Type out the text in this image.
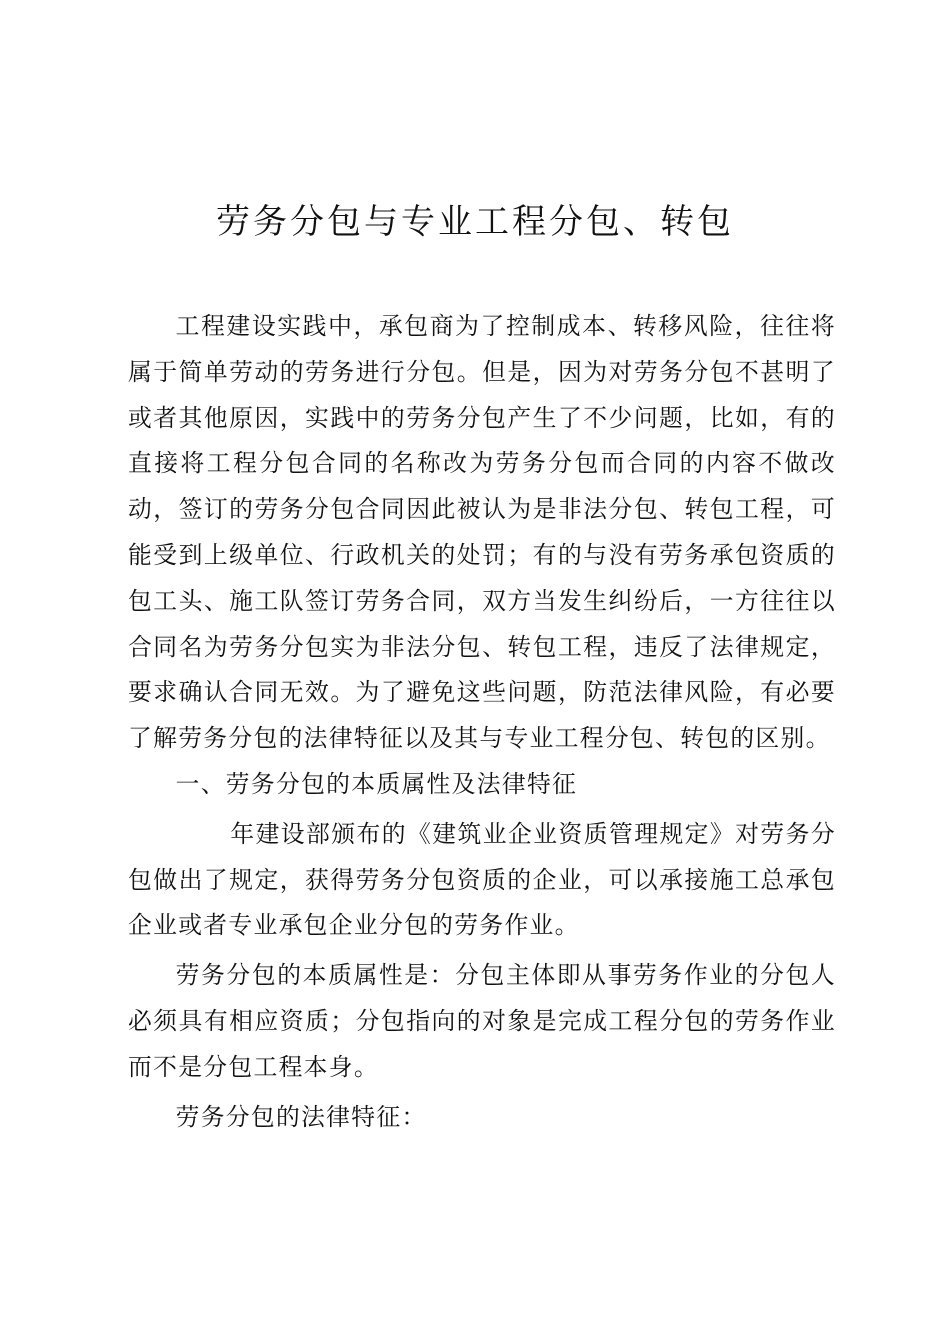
劳务分包与专业工程分包、转包

工程建设实践中，承包商为了控制成本、转移风险，往往将属于简单劳动的劳务进行分包。但是，因为对劳务分包不甚明了或者其他原因，实践中的劳务分包产生了不少问题，比如，有的直接将工程分包合同的名称改为劳务分包而合同的内容不做改动，签订的劳务分包合同因此被认为是非法分包、转包工程，可能受到上级单位、行政机关的处罚；有的与没有劳务承包资质的包工头、施工队签订劳务合同，双方当发生纠纷后，一方往往以合同名为劳务分包实为非法分包、转包工程，违反了法律规定，要求确认合同无效。为了避免这些问题，防范法律风险，有必要了解劳务分包的法律特征以及其与专业工程分包、转包的区别。

一、劳务分包的本质属性及法律特征

年建设部颁布的《建筑业企业资质管理规定》对劳务分包做出了规定，获得劳务分包资质的企业，可以承接施工总承包企业或者专业承包企业分包的劳务作业。

劳务分包的本质属性是：分包主体即从事劳务作业的分包人必须具有相应资质；分包指向的对象是完成工程分包的劳务作业而不是分包工程本身。

劳务分包的法律特征：
